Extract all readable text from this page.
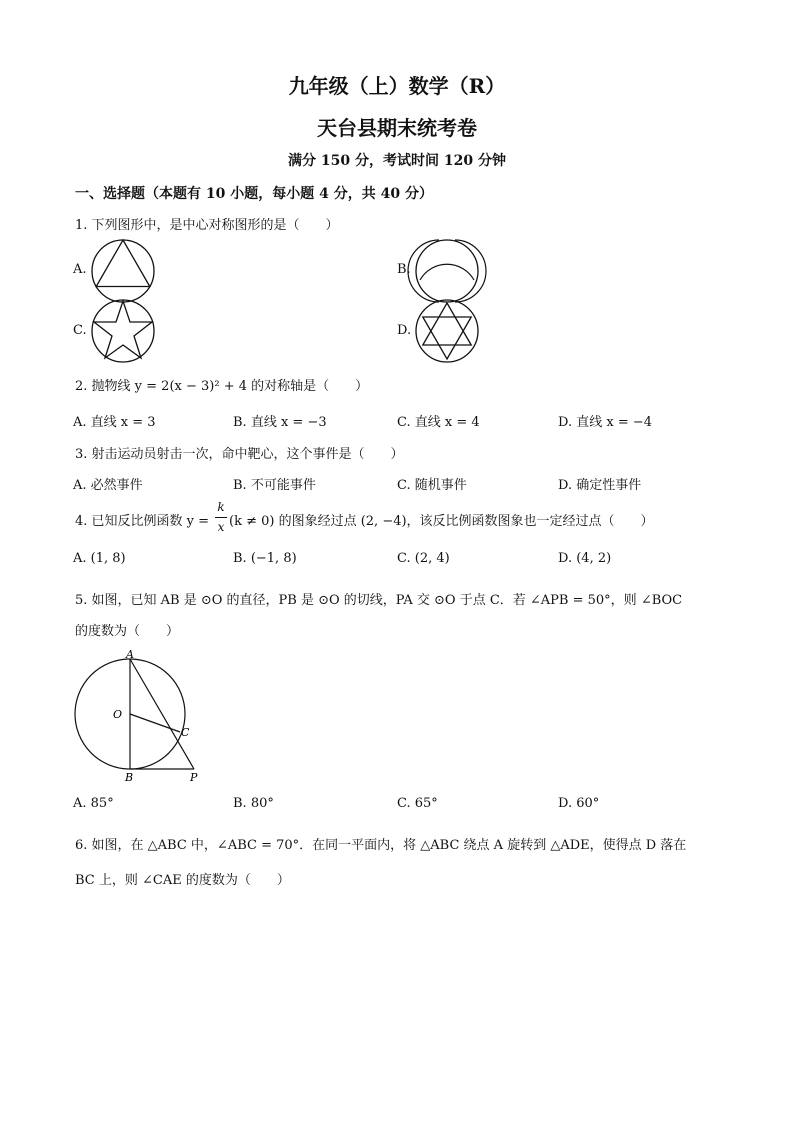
九年级（上）数学（R）
天台县期末统考卷
满分 150 分，考试时间 120 分钟
一、选择题（本题有 10 小题，每小题 4 分，共 40 分）
1. 下列图形中，是中心对称图形的是（　　）
A.	B.
C.	D.
2. 抛物线 y = 2(x − 3)² + 4 的对称轴是（　　）
A. 直线 x = 3	B. 直线 x = −3	C. 直线 x = 4	D. 直线 x = −4
3. 射击运动员射击一次，命中靶心，这个事件是（　　）
A. 必然事件	B. 不可能事件	C. 随机事件	D. 确定性事件
4. 已知反比例函数 y =
k
x (k ≠ 0) 的图象经过点 (2, −4)，该反比例函数图象也一定经过点（　　）
A. (1, 8)	B. (−1, 8)	C. (2, 4)	D. (4, 2)
5. 如图，已知 AB 是 ⊙O 的直径，PB 是 ⊙O 的切线，PA 交 ⊙O 于点 C．若 ∠APB = 50°，则 ∠BOC
的度数为（　　）
A
O
C
B	P
A. 85°	B. 80°	C. 65°	D. 60°
6. 如图，在 △ABC 中，∠ABC = 70°．在同一平面内，将 △ABC 绕点 A 旋转到 △ADE，使得点 D 落在
BC 上，则 ∠CAE 的度数为（　　）
